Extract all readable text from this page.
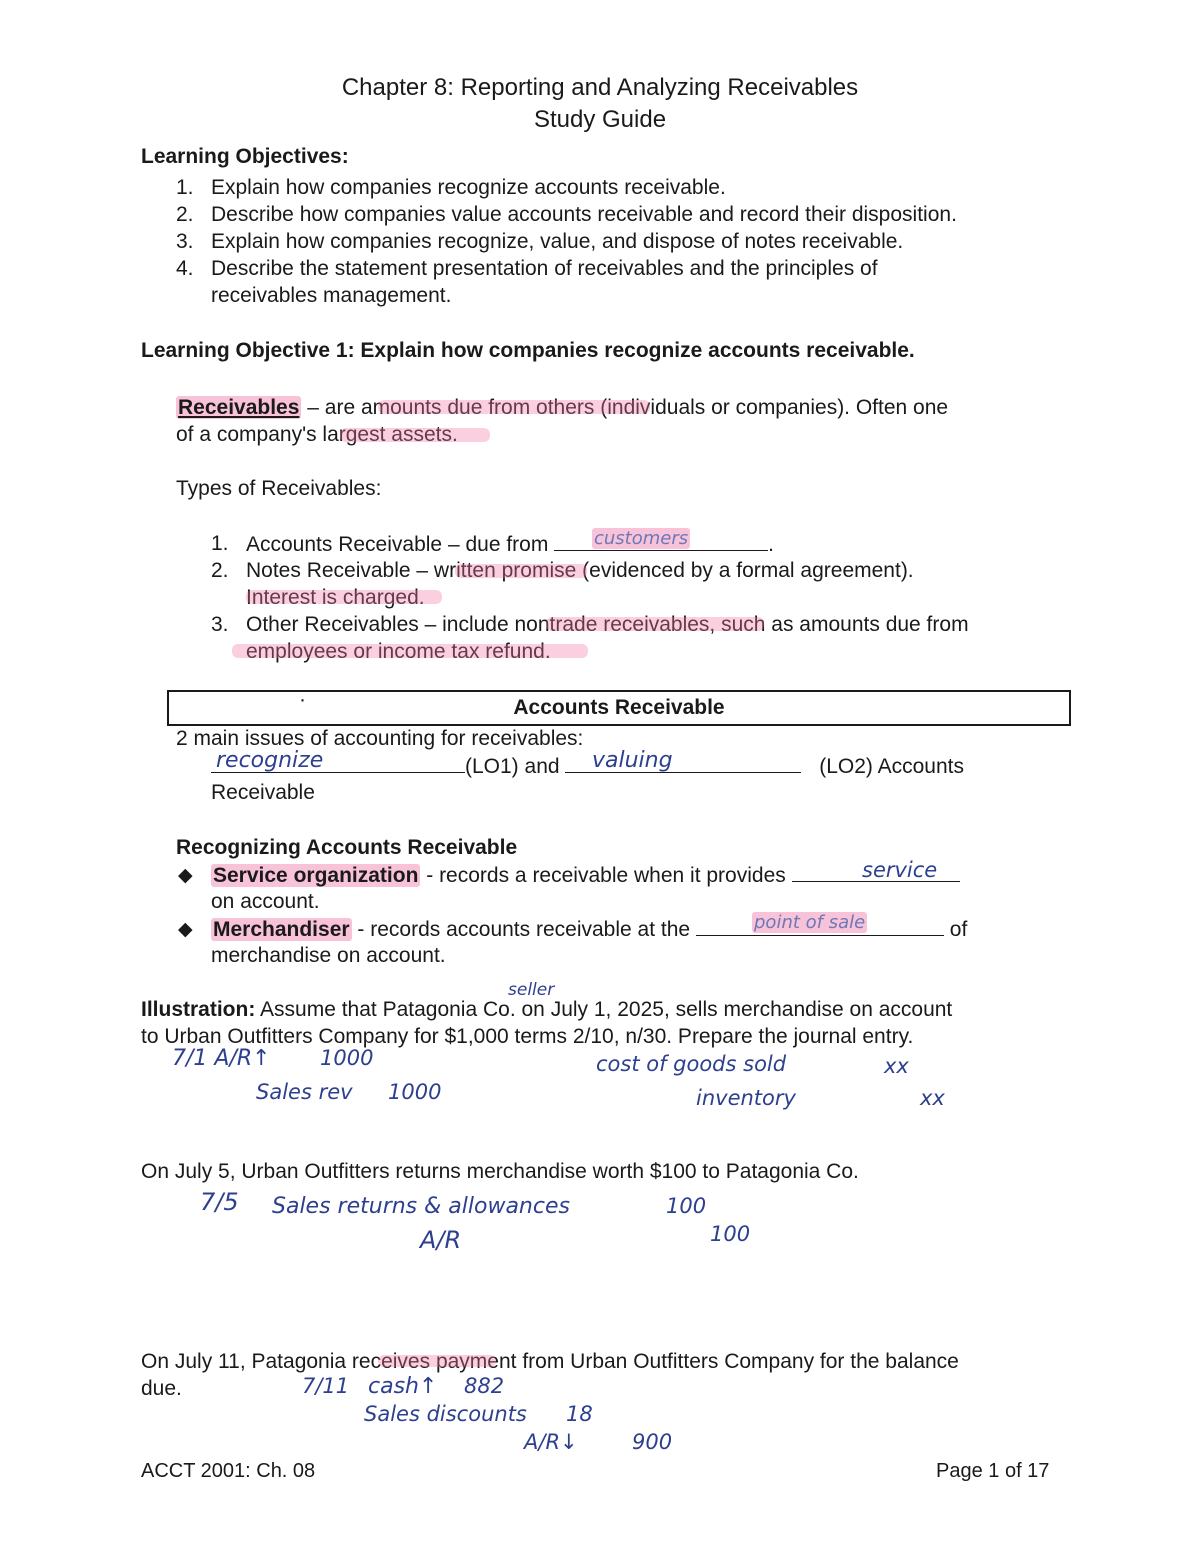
Chapter 8: Reporting and Analyzing Receivables
Study Guide
Learning Objectives:
1. Explain how companies recognize accounts receivable.
2. Describe how companies value accounts receivable and record their disposition.
3. Explain how companies recognize, value, and dispose of notes receivable.
4. Describe the statement presentation of receivables and the principles of
receivables management.
Learning Objective 1: Explain how companies recognize accounts receivable.
Receivables – are amounts due from others (individuals or companies). Often one
of a company's largest assets.
Types of Receivables:
1. Accounts Receivable – due from	.
customers
2. Notes Receivable – written promise (evidenced by a formal agreement).
Interest is charged.
3. Other Receivables – include nontrade receivables, such as amounts due from
employees or income tax refund.
·	Accounts Receivable
2 main issues of accounting for receivables:
(LO1) and	(LO2) Accounts
recognize	valuing
Receivable
Recognizing Accounts Receivable
◆ Service organization - records a receivable when it provides	service
on account.
◆ Merchandiser - records accounts receivable at the	of
point of sale
merchandise on account.
seller
Illustration: Assume that Patagonia Co. on July 1, 2025, sells merchandise on account
to Urban Outfitters Company for $1,000 terms 2/10, n/30. Prepare the journal entry.
7/1 A/R↑ 1000
Sales rev 1000
cost of goods sold	xx
inventory	xx
On July 5, Urban Outfitters returns merchandise worth $100 to Patagonia Co.
7/5 Sales returns & allowances	100
A/R	100
On July 11, Patagonia receives payment from Urban Outfitters Company for the balance
due.	7/11 cash↑ 882
Sales discounts 18
A/R↓	900
ACCT 2001: Ch. 08	Page 1 of 17
